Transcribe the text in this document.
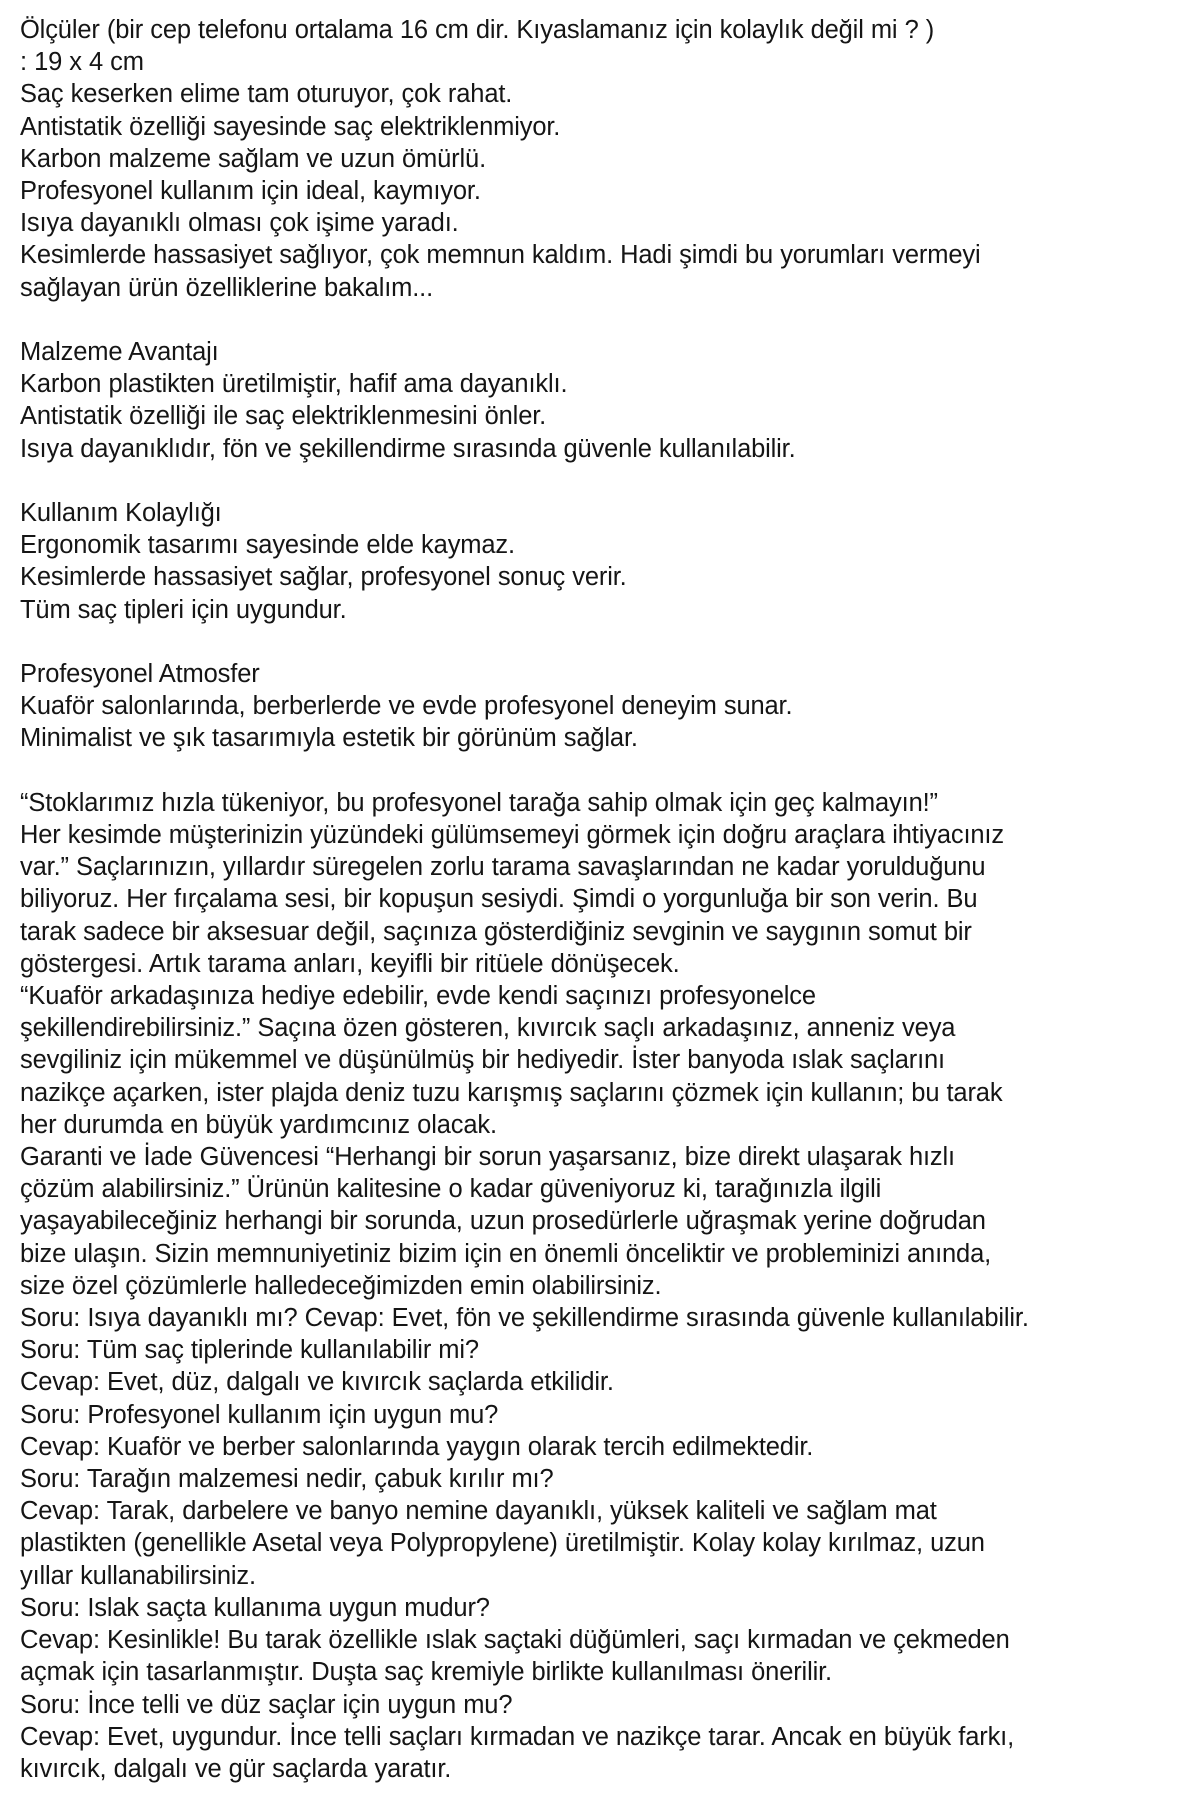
Ölçüler (bir cep telefonu ortalama 16 cm dir. Kıyaslamanız için kolaylık değil mi ? )
: 19 x 4 cm
Saç keserken elime tam oturuyor, çok rahat.
Antistatik özelliği sayesinde saç elektriklenmiyor.
Karbon malzeme sağlam ve uzun ömürlü.
Profesyonel kullanım için ideal, kaymıyor.
Isıya dayanıklı olması çok işime yaradı.
Kesimlerde hassasiyet sağlıyor, çok memnun kaldım. Hadi şimdi bu yorumları vermeyi sağlayan ürün özelliklerine bakalım...
Malzeme Avantajı
Karbon plastikten üretilmiştir, hafif ama dayanıklı.
Antistatik özelliği ile saç elektriklenmesini önler.
Isıya dayanıklıdır, fön ve şekillendirme sırasında güvenle kullanılabilir.
Kullanım Kolaylığı
Ergonomik tasarımı sayesinde elde kaymaz.
Kesimlerde hassasiyet sağlar, profesyonel sonuç verir.
Tüm saç tipleri için uygundur.
Profesyonel Atmosfer
Kuaför salonlarında, berberlerde ve evde profesyonel deneyim sunar.
Minimalist ve şık tasarımıyla estetik bir görünüm sağlar.
“Stoklarımız hızla tükeniyor, bu profesyonel tarağa sahip olmak için geç kalmayın!”
Her kesimde müşterinizin yüzündeki gülümsemeyi görmek için doğru araçlara ihtiyacınız var.” Saçlarınızın, yıllardır süregelen zorlu tarama savaşlarından ne kadar yorulduğunu biliyoruz. Her fırçalama sesi, bir kopuşun sesiydi. Şimdi o yorgunluğa bir son verin. Bu tarak sadece bir aksesuar değil, saçınıza gösterdiğiniz sevginin ve saygının somut bir göstergesi. Artık tarama anları, keyifli bir ritüele dönüşecek.
“Kuaför arkadaşınıza hediye edebilir, evde kendi saçınızı profesyonelce şekillendirebilirsiniz.” Saçına özen gösteren, kıvırcık saçlı arkadaşınız, anneniz veya sevgiliniz için mükemmel ve düşünülmüş bir hediyedir. İster banyoda ıslak saçlarını nazikçe açarken, ister plajda deniz tuzu karışmış saçlarını çözmek için kullanın; bu tarak her durumda en büyük yardımcınız olacak.
Garanti ve İade Güvencesi “Herhangi bir sorun yaşarsanız, bize direkt ulaşarak hızlı çözüm alabilirsiniz.” Ürünün kalitesine o kadar güveniyoruz ki, tarağınızla ilgili yaşayabileceğiniz herhangi bir sorunda, uzun prosedürlerle uğraşmak yerine doğrudan bize ulaşın. Sizin memnuniyetiniz bizim için en önemli önceliktir ve probleminizi anında, size özel çözümlerle halledeceğimizden emin olabilirsiniz.
Soru: Isıya dayanıklı mı? Cevap: Evet, fön ve şekillendirme sırasında güvenle kullanılabilir.
Soru: Tüm saç tiplerinde kullanılabilir mi?
Cevap: Evet, düz, dalgalı ve kıvırcık saçlarda etkilidir.
Soru: Profesyonel kullanım için uygun mu?
Cevap: Kuaför ve berber salonlarında yaygın olarak tercih edilmektedir.
Soru: Tarağın malzemesi nedir, çabuk kırılır mı?
Cevap: Tarak, darbelere ve banyo nemine dayanıklı, yüksek kaliteli ve sağlam mat plastikten (genellikle Asetal veya Polypropylene) üretilmiştir. Kolay kolay kırılmaz, uzun yıllar kullanabilirsiniz.
Soru: Islak saçta kullanıma uygun mudur?
Cevap: Kesinlikle! Bu tarak özellikle ıslak saçtaki düğümleri, saçı kırmadan ve çekmeden açmak için tasarlanmıştır. Duşta saç kremiyle birlikte kullanılması önerilir.
Soru: İnce telli ve düz saçlar için uygun mu?
Cevap: Evet, uygundur. İnce telli saçları kırmadan ve nazikçe tarar. Ancak en büyük farkı, kıvırcık, dalgalı ve gür saçlarda yaratır.
